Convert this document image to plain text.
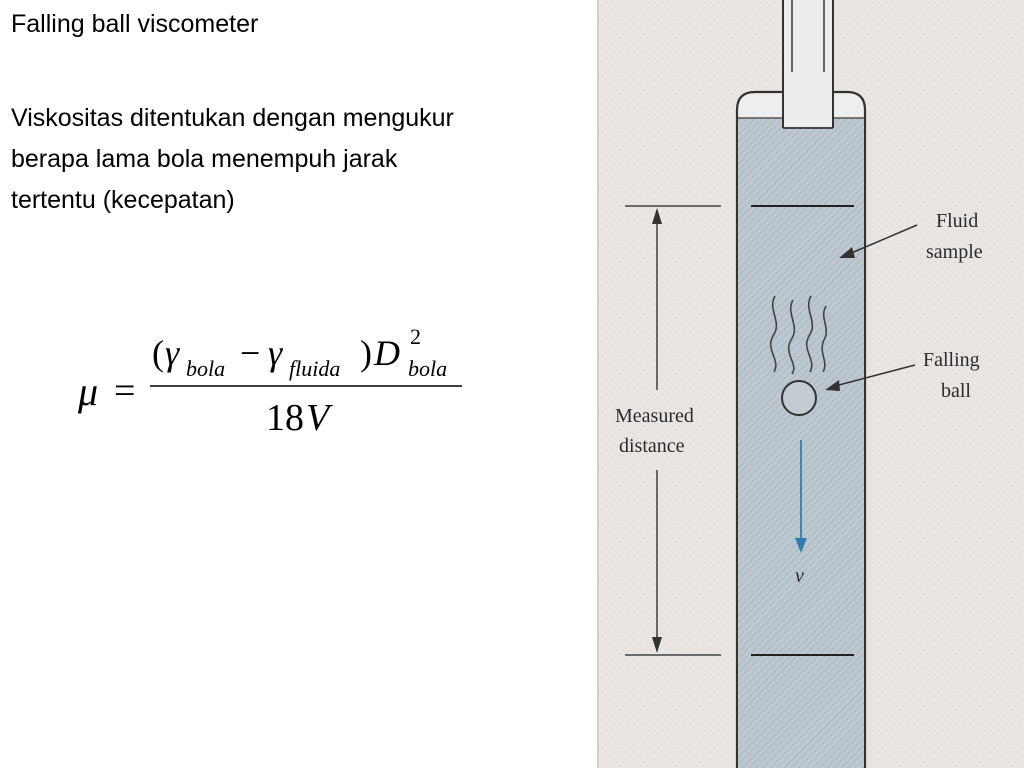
Falling ball viscometer
Viskositas ditentukan dengan mengukur
berapa lama bola menempuh jarak
tertentu (kecepatan)
μ =
( γ bola − γ fluida ) D bola
2
18 V	Measured
distance
Fluid
sample
Falling
ball
v
